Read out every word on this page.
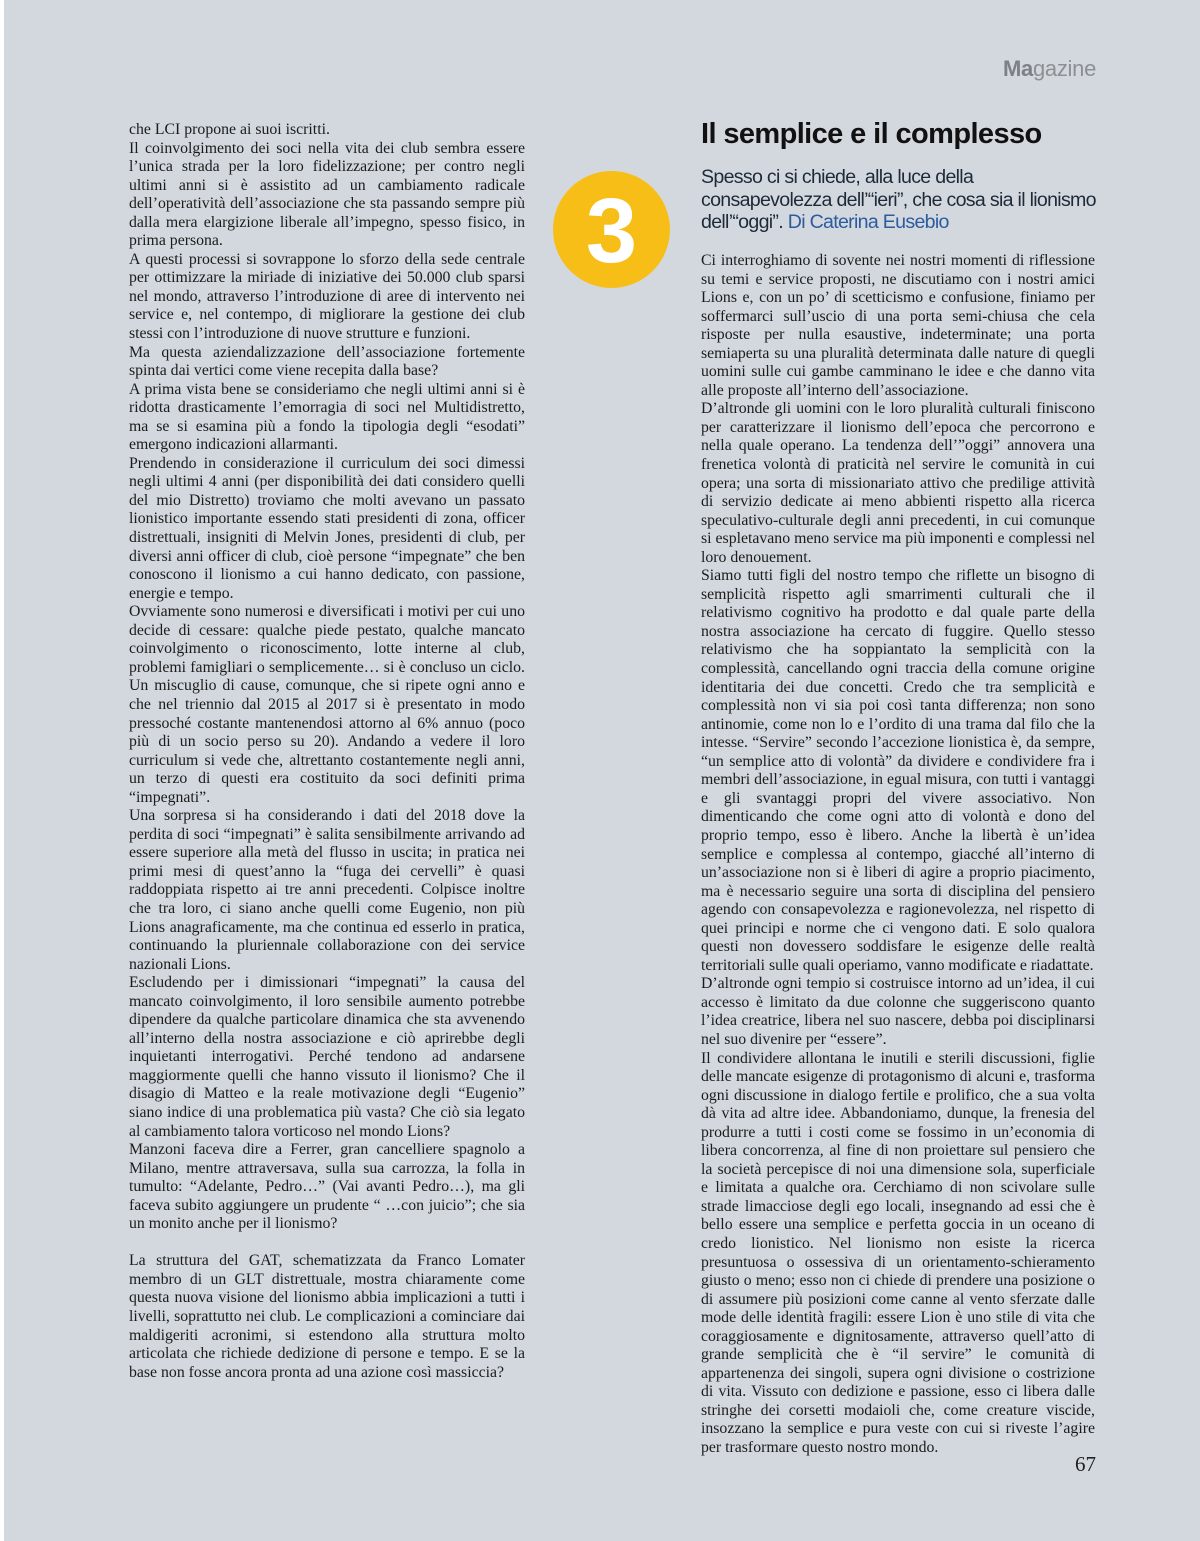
Magazine

che LCI propone ai suoi iscritti.

Il coinvolgimento dei soci nella vita dei club sembra essere l’unica strada per la loro fidelizzazione; per contro negli ultimi anni si è assistito ad un cambiamento radicale dell’operatività dell’associazione che sta passando sempre più dalla mera elargizione liberale all’impegno, spesso fisico, in prima persona.

A questi processi si sovrappone lo sforzo della sede centrale per ottimizzare la miriade di iniziative dei 50.000 club sparsi nel mondo, attraverso l’introduzione di aree di intervento nei service e, nel contempo, di migliorare la gestione dei club stessi con l’introduzione di nuove strutture e funzioni.

Ma questa aziendalizzazione dell’associazione fortemente spinta dai vertici come viene recepita dalla base?

A prima vista bene se consideriamo che negli ultimi anni si è ridotta drasticamente l’emorragia di soci nel Multidistretto, ma se si esamina più a fondo la tipologia degli “esodati” emergono indicazioni allarmanti.

Prendendo in considerazione il curriculum dei soci dimessi negli ultimi 4 anni (per disponibilità dei dati considero quelli del mio Distretto) troviamo che molti avevano un passato lionistico importante essendo stati presidenti di zona, officer distrettuali, insigniti di Melvin Jones, presidenti di club, per diversi anni officer di club, cioè persone “impegnate” che ben conoscono il lionismo a cui hanno dedicato, con passione, energie e tempo.

Ovviamente sono numerosi e diversificati i motivi per cui uno decide di cessare: qualche piede pestato, qualche mancato coinvolgimento o riconoscimento, lotte interne al club, problemi famigliari o semplicemente… si è concluso un ciclo. Un miscuglio di cause, comunque, che si ripete ogni anno e che nel triennio dal 2015 al 2017 si è presentato in modo pressoché costante mantenendosi attorno al 6% annuo (poco più di un socio perso su 20). Andando a vedere il loro curriculum si vede che, altrettanto costantemente negli anni, un terzo di questi era costituito da soci definiti prima “impegnati”.

Una sorpresa si ha considerando i dati del 2018 dove la perdita di soci “impegnati” è salita sensibilmente arrivando ad essere superiore alla metà del flusso in uscita; in pratica nei primi mesi di quest’anno la “fuga dei cervelli” è quasi raddoppiata rispetto ai tre anni precedenti. Colpisce inoltre che tra loro, ci siano anche quelli come Eugenio, non più Lions anagraficamente, ma che continua ed esserlo in pratica, continuando la pluriennale collaborazione con dei service nazionali Lions.

Escludendo per i dimissionari “impegnati” la causa del mancato coinvolgimento, il loro sensibile aumento potrebbe dipendere da qualche particolare dinamica che sta avvenendo all’interno della nostra associazione e ciò aprirebbe degli inquietanti interrogativi. Perché tendono ad andarsene maggiormente quelli che hanno vissuto il lionismo? Che il disagio di Matteo e la reale motivazione degli “Eugenio” siano indice di una problematica più vasta? Che ciò sia legato al cambiamento talora vorticoso nel mondo Lions?

Manzoni faceva dire a Ferrer, gran cancelliere spagnolo a Milano, mentre attraversava, sulla sua carrozza, la folla in tumulto: “Adelante, Pedro…” (Vai avanti Pedro…), ma gli faceva subito aggiungere un prudente “ …con juicio”; che sia un monito anche per il lionismo?

La struttura del GAT, schematizzata da Franco Lomater membro di un GLT distrettuale, mostra chiaramente come questa nuova visione del lionismo abbia implicazioni a tutti i livelli, soprattutto nei club. Le complicazioni a cominciare dai maldigeriti acronimi, si estendono alla struttura molto articolata che richiede dedizione di persone e tempo. E se la base non fosse ancora pronta ad una azione così massiccia?

3
Il semplice e il complesso
Spesso ci si chiede, alla luce della consapevolezza dell’“ieri”, che cosa sia il lionismo dell’“oggi”. Di Caterina Eusebio

Ci interroghiamo di sovente nei nostri momenti di riflessione su temi e service proposti, ne discutiamo con i nostri amici Lions e, con un po’ di scetticismo e confusione, finiamo per soffermarci sull’uscio di una porta semi-chiusa che cela risposte per nulla esaustive, indeterminate; una porta semiaperta su una pluralità determinata dalle nature di quegli uomini sulle cui gambe camminano le idee e che danno vita alle proposte all’interno dell’associazione.

D’altronde gli uomini con le loro pluralità culturali finiscono per caratterizzare il lionismo dell’epoca che percorrono e nella quale operano. La tendenza dell’”oggi” annovera una frenetica volontà di praticità nel servire le comunità in cui opera; una sorta di missionariato attivo che predilige attività di servizio dedicate ai meno abbienti rispetto alla ricerca speculativo-culturale degli anni precedenti, in cui comunque si espletavano meno service ma più imponenti e complessi nel loro denouement.

Siamo tutti figli del nostro tempo che riflette un bisogno di semplicità rispetto agli smarrimenti culturali che il relativismo cognitivo ha prodotto e dal quale parte della nostra associazione ha cercato di fuggire. Quello stesso relativismo che ha soppiantato la semplicità con la complessità, cancellando ogni traccia della comune origine identitaria dei due concetti. Credo che tra semplicità e complessità non vi sia poi così tanta differenza; non sono antinomie, come non lo e l’ordito di una trama dal filo che la intesse. “Servire” secondo l’accezione lionistica è, da sempre, “un semplice atto di volontà” da dividere e condividere fra i membri dell’associazione, in egual misura, con tutti i vantaggi e gli svantaggi propri del vivere associativo. Non dimenticando che come ogni atto di volontà e dono del proprio tempo, esso è libero. Anche la libertà è un’idea semplice e complessa al contempo, giacché all’interno di un’associazione non si è liberi di agire a proprio piacimento, ma è necessario seguire una sorta di disciplina del pensiero agendo con consapevolezza e ragionevolezza, nel rispetto di quei principi e norme che ci vengono dati. E solo qualora questi non dovessero soddisfare le esigenze delle realtà territoriali sulle quali operiamo, vanno modificate e riadattate.

D’altronde ogni tempio si costruisce intorno ad un’idea, il cui accesso è limitato da due colonne che suggeriscono quanto l’idea creatrice, libera nel suo nascere, debba poi disciplinarsi nel suo divenire per “essere”.

Il condividere allontana le inutili e sterili discussioni, figlie delle mancate esigenze di protagonismo di alcuni e, trasforma ogni discussione in dialogo fertile e prolifico, che a sua volta dà vita ad altre idee. Abbandoniamo, dunque, la frenesia del produrre a tutti i costi come se fossimo in un’economia di libera concorrenza, al fine di non proiettare sul pensiero che la società percepisce di noi una dimensione sola, superficiale e limitata a qualche ora. Cerchiamo di non scivolare sulle strade limacciose degli ego locali, insegnando ad essi che è bello essere una semplice e perfetta goccia in un oceano di credo lionistico. Nel lionismo non esiste la ricerca presuntuosa o ossessiva di un orientamento-schieramento giusto o meno; esso non ci chiede di prendere una posizione o di assumere più posizioni come canne al vento sferzate dalle mode delle identità fragili: essere Lion è uno stile di vita che coraggiosamente e dignitosamente, attraverso quell’atto di grande semplicità che è “il servire” le comunità di appartenenza dei singoli, supera ogni divisione o costrizione di vita. Vissuto con dedizione e passione, esso ci libera dalle stringhe dei corsetti modaioli che, come creature viscide, insozzano la semplice e pura veste con cui si riveste l’agire per trasformare questo nostro mondo.

67
